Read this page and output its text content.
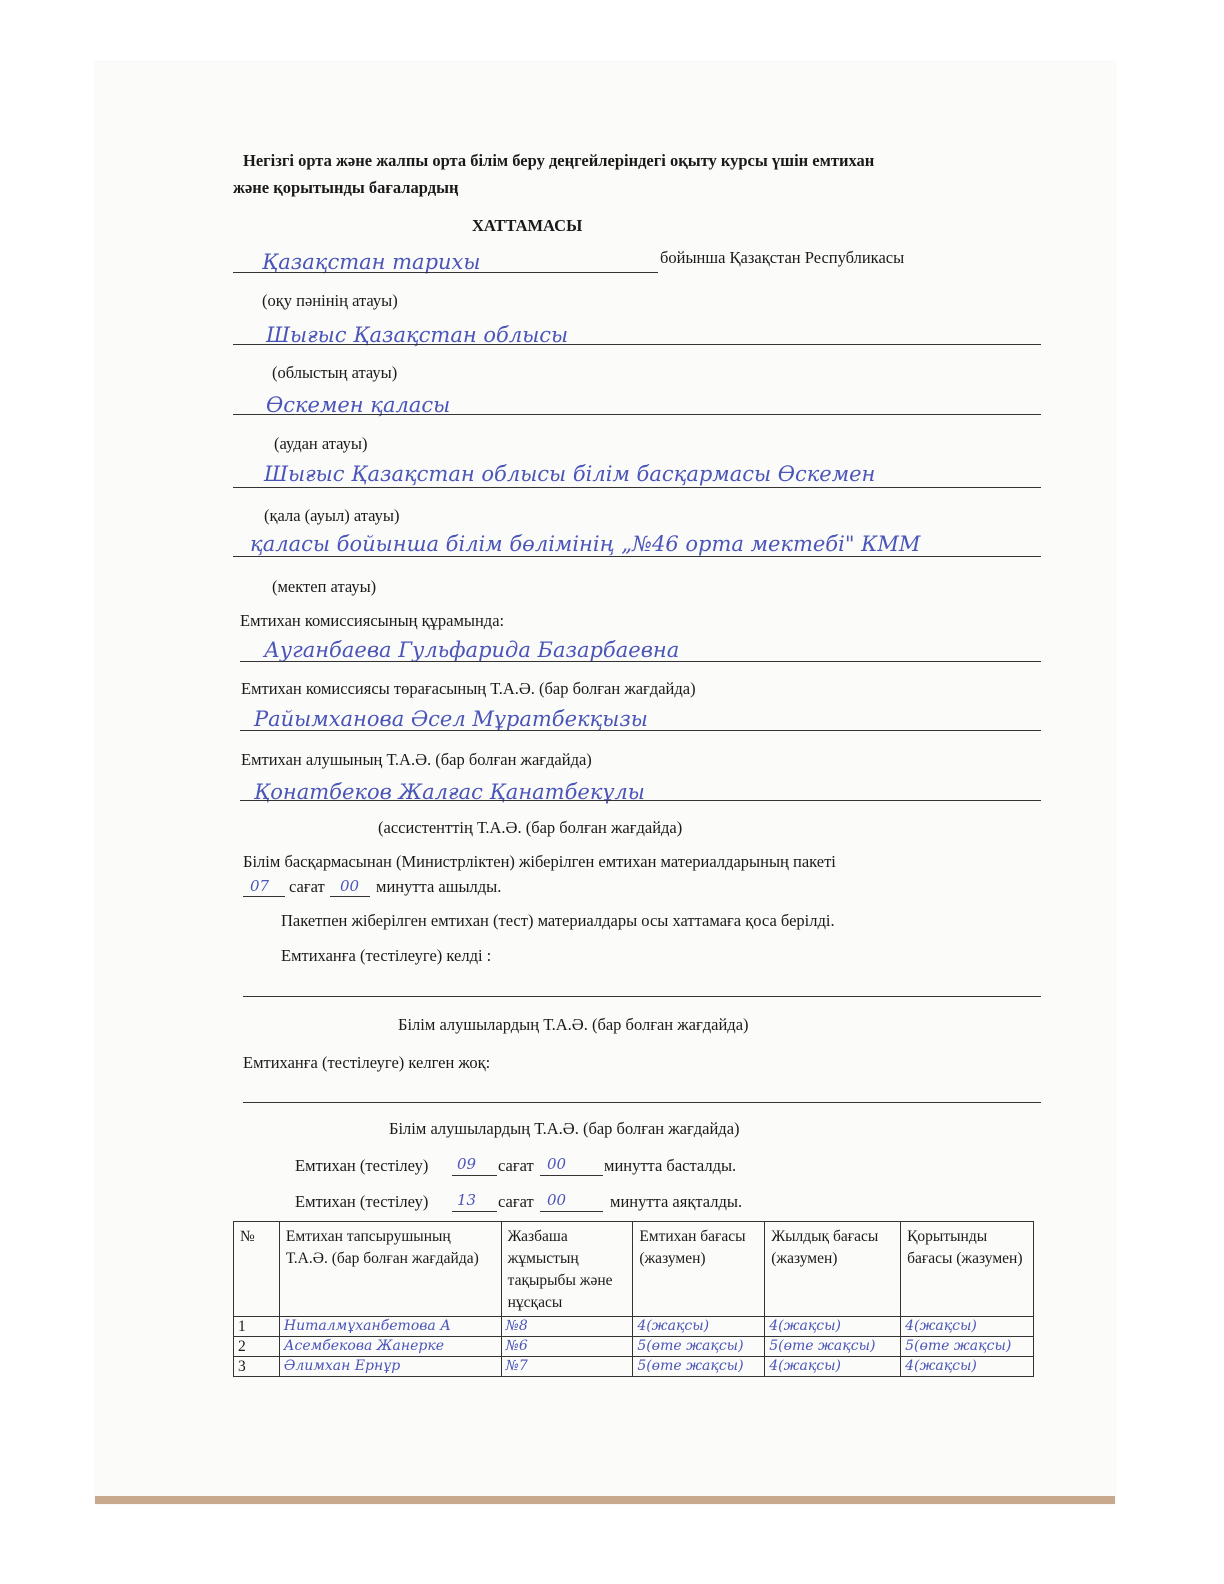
Негізгі орта және жалпы орта білім беру деңгейлеріндегі оқыту курсы үшін емтихан
және қорытынды бағалардың
ХАТТАМАСЫ
Қазақстан тарихы	бойынша Қазақстан Республикасы
(оқу пәнінің атауы)
Шығыс Қазақстан облысы
(облыстың атауы)
Өскемен қаласы
(аудан атауы)
Шығыс Қазақстан облысы білім басқармасы Өскемен
(қала (ауыл) атауы)
қаласы бойынша білім бөлімінің „№46 орта мектебі" КММ
(мектеп атауы)
Емтихан комиссиясының құрамында:
Ауганбаева Гульфарида Базарбаевна
Емтихан комиссиясы төрағасының Т.А.Ә. (бар болған жағдайда)
Райымханова Әсел Мұратбекқызы
Емтихан алушының Т.А.Ә. (бар болған жағдайда)
Қонатбеков Жалғас Қанатбекұлы
(ассистенттің Т.А.Ә. (бар болған жағдайда)
Білім басқармасынан (Министрліктен) жіберілген емтихан материалдарының пакеті
07 сағат 00 минутта ашылды.
Пакетпен жіберілген емтихан (тест) материалдары осы хаттамаға қоса берілді.
Емтиханға (тестілеуге) келді :
Білім алушылардың Т.А.Ә. (бар болған жағдайда)
Емтиханға (тестілеуге) келген жоқ:
Білім алушылардың Т.А.Ә. (бар болған жағдайда)
Емтихан (тестілеу) 09 сағат 00 минутта басталды.
Емтихан (тестілеу) 13 сағат 00	минутта аяқталды.
№	Емтихан тапсырушының Т.А.Ә. (бар болған жағдайда)	Жазбаша жұмыстың тақырыбы және нұсқасы	Емтихан бағасы (жазумен)	Жылдық бағасы (жазумен)	Қорытынды бағасы (жазумен)
1	Ниталмұханбетова А	№8	4(жақсы)	4(жақсы)	4(жақсы)
2	Асембекова Жанерке	№6	5(өте жақсы)	5(өте жақсы)	5(өте жақсы)
3	Әлимхан Ернұр	№7	5(өте жақсы)	4(жақсы)	4(жақсы)
